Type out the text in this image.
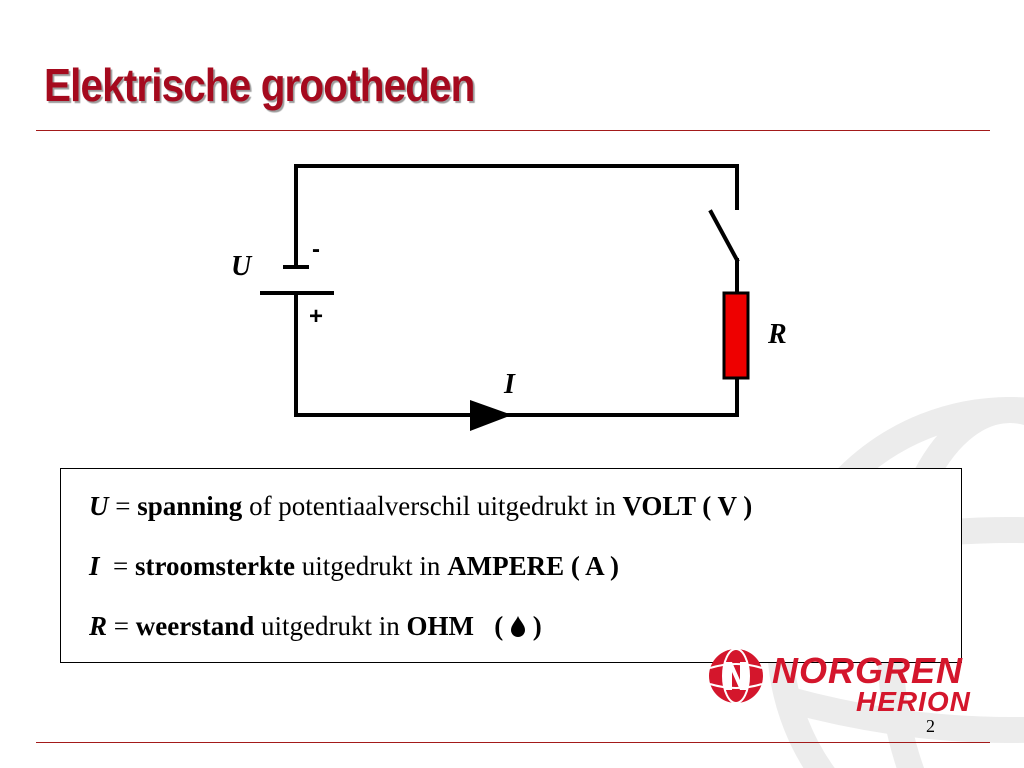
Elektrische grootheden
U
-
+
I
R
U = spanning of potentiaalverschil uitgedrukt in VOLT ( V )
I  = stroomsterkte uitgedrukt in AMPERE ( A )
R = weerstand uitgedrukt in OHM   (  )
NORGREN
HERION
2
